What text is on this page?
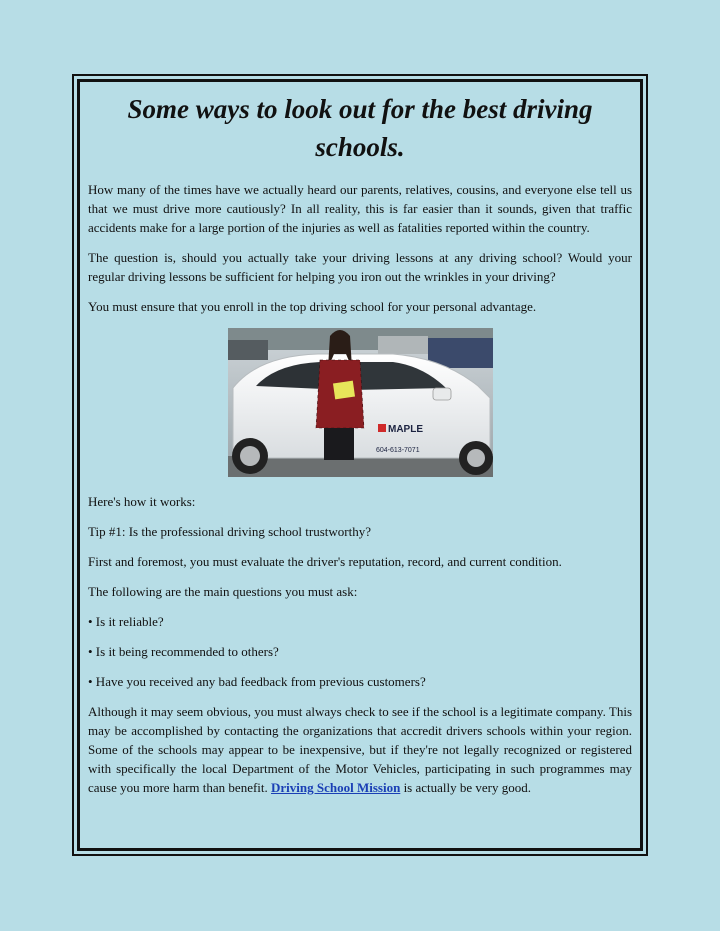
Some ways to look out for the best driving schools.

How many of the times have we actually heard our parents, relatives, cousins, and everyone else tell us that we must drive more cautiously? In all reality, this is far easier than it sounds, given that traffic accidents make for a large portion of the injuries as well as fatalities reported within the country.

The question is, should you actually take your driving lessons at any driving school? Would your regular driving lessons be sufficient for helping you iron out the wrinkles in your driving?

You must ensure that you enroll in the top driving school for your personal advantage.

MAPLE
604-613-7071

Here's how it works:

Tip #1: Is the professional driving school trustworthy?

First and foremost, you must evaluate the driver's reputation, record, and current condition.

The following are the main questions you must ask:

• Is it reliable?

• Is it being recommended to others?

• Have you received any bad feedback from previous customers?

Although it may seem obvious, you must always check to see if the school is a legitimate company. This may be accomplished by contacting the organizations that accredit drivers schools within your region. Some of the schools may appear to be inexpensive, but if they're not legally recognized or registered with specifically the local Department of the Motor Vehicles, participating in such programmes may cause you more harm than benefit. Driving School Mission is actually be very good.
